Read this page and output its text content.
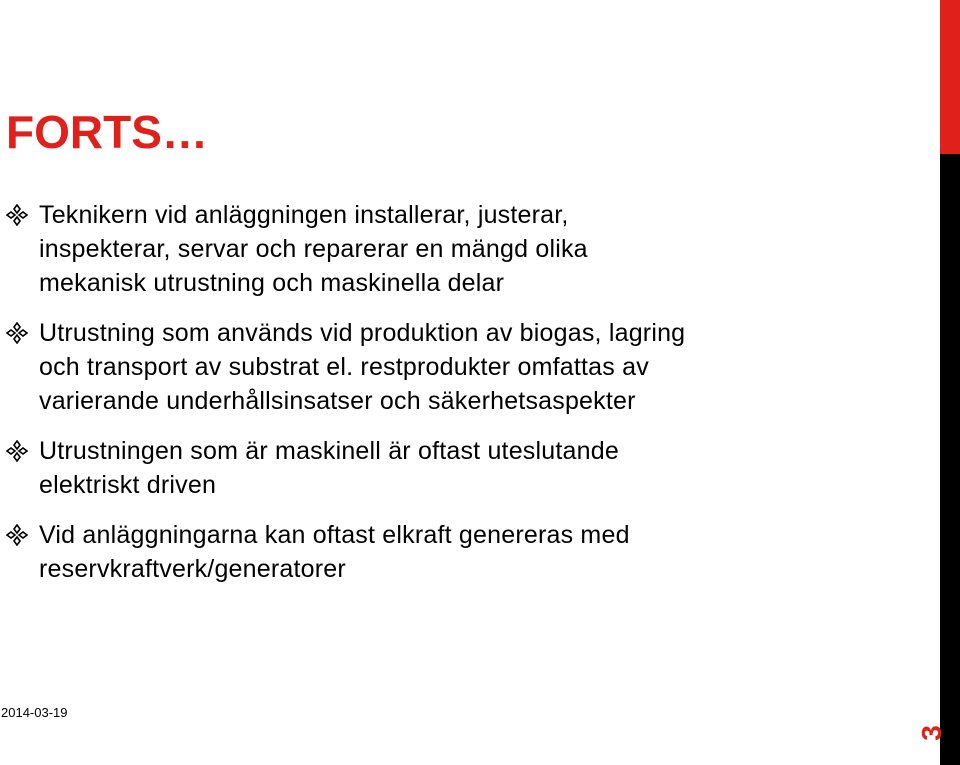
FORTS…
Teknikern vid anläggningen installerar, justerar,
inspekterar, servar och reparerar en mängd olika
mekanisk utrustning och maskinella delar
Utrustning som används vid produktion av biogas, lagring
och transport av substrat el. restprodukter omfattas av
varierande underhållsinsatser och säkerhetsaspekter
Utrustningen som är maskinell är oftast uteslutande
elektriskt driven
Vid anläggningarna kan oftast elkraft genereras med
reservkraftverk/generatorer
2014-03-19
3
